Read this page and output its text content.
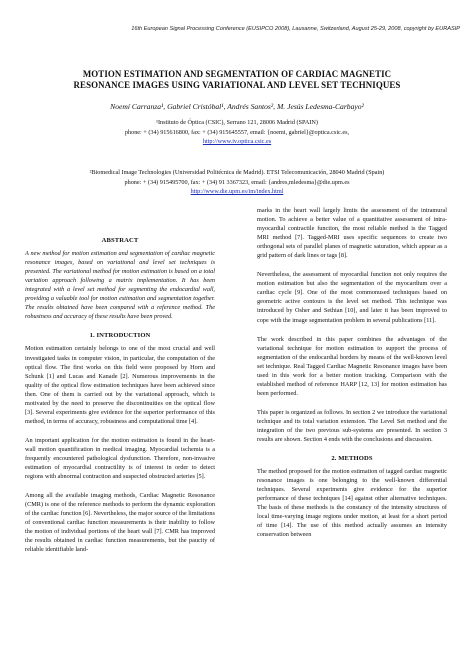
16th European Signal Processing Conference (EUSIPCO 2008), Lausanne, Switzerland, August 25-29, 2008, copyright by EURASIP
MOTION ESTIMATION AND SEGMENTATION OF CARDIAC MAGNETIC
RESONANCE IMAGES USING VARIATIONAL AND LEVEL SET TECHNIQUES
Noemí Carranza¹, Gabriel Cristóbal¹, Andrés Santos², M. Jesús Ledesma-Carbayo²
¹Instituto de Óptica (CSIC), Serrano 121, 28006 Madrid (SPAIN)
phone: + (34) 915616800, fax: + (34) 915645557, email: {noemi, gabriel}@optica.csic.es,
http://www.iv.optica.csic.es
²Biomedical Image Technologies (Universidad Politécnica de Madrid). ETSI Telecomunicación, 28040 Madrid (Spain)
phone: + (34) 915495700, fax: + (34) 91 3367323, email: {andres,mledesma}@die.upm.es
http://www.die.upm.es/im/index.html
ABSTRACT

A new method for motion estimation and segmentation of cardiac magnetic resonance images, based on variational and level set techniques is presented. The variational method for motion estimation is based on a total variation approach following a matrix implementation. It has been integrated with a level set method for segmenting the endocardial wall, providing a valuable tool for motion estimation and segmentation together. The results obtained have been compared with a reference method. The robustness and accuracy of these results have been proved.

1. INTRODUCTION

Motion estimation certainly belongs to one of the most crucial and well investigated tasks in computer vision, in particular, the computation of the optical flow. The first works on this field were proposed by Horn and Schunk [1] and Lucas and Kanade [2]. Numerous improvements in the quality of the optical flow estimation techniques have been achieved since then. One of them is carried out by the variational approach, which is motivated by the need to preserve the discontinuities on the optical flow [3]. Several experiments give evidence for the superior performance of this method, in terms of accuracy, robustness and computational time [4].

An important application for the motion estimation is found in the heart-wall motion quantification in medical imaging. Myocardial ischemia is a frequently encountered pathological dysfunction. Therefore, non-invasive estimation of myocardial contractility is of interest in order to detect regions with abnormal contraction and suspected obstructed arteries [5].

Among all the available imaging methods, Cardiac Magnetic Resonance (CMR) is one of the reference methods to perform the dynamic exploration of the cardiac function [6]. Nevertheless, the major source of the limitations of conventional cardiac function measurements is their inability to follow the motion of individual portions of the heart wall [7]. CMR has improved the results obtained in cardiac function measurements, but the paucity of reliable identifiable land-

marks in the heart wall largely limits the assessment of the intramural motion. To achieve a better value of a quantitative assessment of intra-myocardial contractile function, the most reliable method is the Tagged MRI method [7]. Tagged-MRI uses specific sequences to create two orthogonal sets of parallel planes of magnetic saturation, which appear as a grid pattern of dark lines or tags [8].

Nevertheless, the assessment of myocardial function not only requires the motion estimation but also the segmentation of the myocardium over a cardiac cycle [9]. One of the most commonused techniques based on geometric active contours is the level set method. This technique was introduced by Osher and Sethian [10], and later it has been improved to cope with the image segmentation problem in several publications [11].

The work described in this paper combines the advantages of the variational technique for motion estimation to support the process of segmentation of the endocardial borders by means of the well-known level set technique. Real Tagged Cardiac Magnetic Resonance images have been used in this work for a better motion tracking. Comparison with the established method of reference HARP [12, 13] for motion estimation has been performed.

This paper is organized as follows. In section 2 we introduce the variational technique and its total variation extension. The Level Set method and the integration of the two previous sub-systems are presented. In section 3 results are shown. Section 4 ends with the conclusions and discussion.

2. METHODS

The method proposed for the motion estimation of tagged cardiac magnetic resonance images is one belonging to the well-known differential techniques. Several experiments give evidence for the superior performance of these techniques [14] against other alternative techniques. The basis of these methods is the constancy of the intensity structures of local time-varying image regions under motion, at least for a short period of time [14]. The use of this method actually assumes an intensity conservation between
